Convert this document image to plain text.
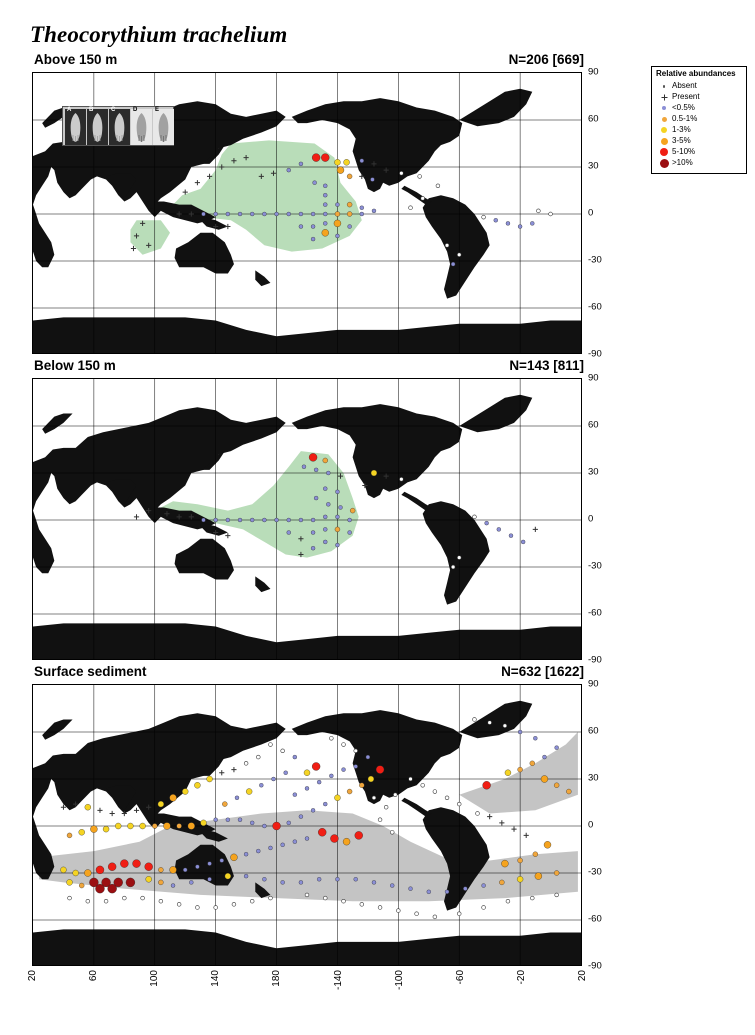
Theocorythium trachelium
Relative abundances
Absent
Present
<0.5%
0.5-1%
1-3%
3-5%
5-10%
>10%
Above 150 m	N=206 [669]
90
60
30
0
-30
-60
-90
A	B	C	D	E
Below 150 m	N=143 [811]
90
60
30
0
-30
-60
-90
Surface sediment	N=632 [1622]
90
60
30
0
-30
-60
-90
20	60	100	140	180	-140	-100	-60	-20	20
